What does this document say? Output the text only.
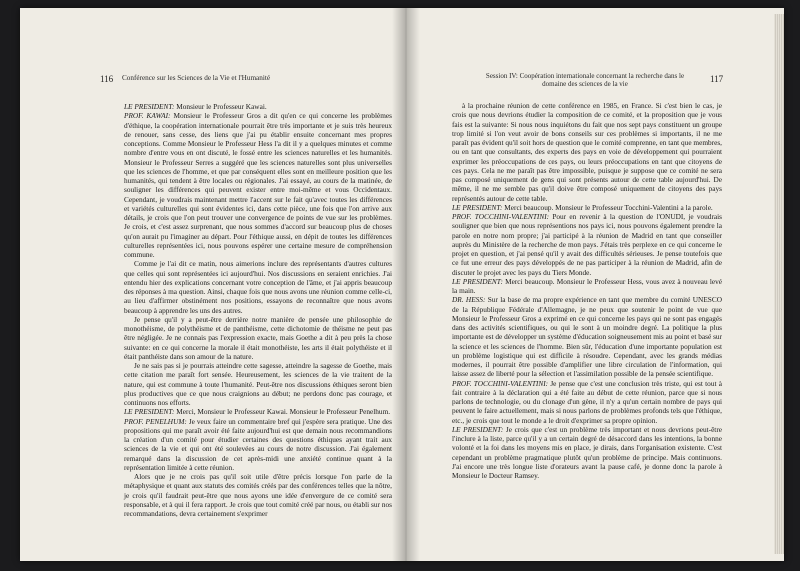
116 Conférence sur les Sciences de la Vie et l'Humanité

LE PRESIDENT: Monsieur le Professeur Kawai.

PROF. KAWAI: Monsieur le Professeur Gros a dit qu'en ce qui concerne les problèmes d'éthique, la coopération internationale pourrait être très importante et je suis très heureux de renouer, sans cesse, des liens que j'ai pu établir ensuite concernant mes propres conceptions. Comme Monsieur le Professeur Hess l'a dit il y a quelques minutes et comme nombre d'entre vous en ont discuté, le fossé entre les sciences naturelles et les humanités. Monsieur le Professeur Serres a suggéré que les sciences naturelles sont plus universelles que les sciences de l'homme, et que par conséquent elles sont en meilleure position que les humanités, qui tendent à être locales ou régionales. J'ai essayé, au cours de la matinée, de souligner les différences qui peuvent exister entre moi-même et vous Occidentaux. Cependant, je voudrais maintenant mettre l'accent sur le fait qu'avec toutes les différences et variétés culturelles qui sont évidentes ici, dans cette pièce, une fois que l'on arrive aux détails, je crois que l'on peut trouver une convergence de points de vue sur les problèmes. Je crois, et c'est assez surprenant, que nous sommes d'accord sur beaucoup plus de choses qu'on aurait pu l'imaginer au départ. Pour l'éthique aussi, en dépit de toutes les différences culturelles représentées ici, nous pouvons espérer une certaine mesure de compréhension commune.

Comme je l'ai dit ce matin, nous aimerions inclure des représentants d'autres cultures que celles qui sont représentées ici aujourd'hui. Nos discussions en seraient enrichies. J'ai entendu hier des explications concernant votre conception de l'âme, et j'ai appris beaucoup des réponses à ma question. Ainsi, chaque fois que nous avons une réunion comme celle-ci, au lieu d'affirmer obstinément nos positions, essayons de reconnaître que nous avons beaucoup à apprendre les uns des autres.

Je pense qu'il y a peut-être derrière notre manière de pensée une philosophie de monothéisme, de polythéisme et de panthéisme, cette dichotomie de théisme ne peut pas être négligée. Je ne connais pas l'expression exacte, mais Goethe a dit à peu près la chose suivante: en ce qui concerne la morale il était monothéiste, les arts il était polythéiste et il était panthéiste dans son amour de la nature.

Je ne sais pas si je pourrais atteindre cette sagesse, atteindre la sagesse de Goethe, mais cette citation me paraît fort sensée. Heureusement, les sciences de la vie traitent de la nature, qui est commune à toute l'humanité. Peut-être nos discussions éthiques seront bien plus productives que ce que nous craignions au début; ne perdons donc pas courage, et continuons nos efforts.

LE PRESIDENT: Merci, Monsieur le Professeur Kawai. Monsieur le Professeur Penelhum.

PROF. PENELHUM: Je veux faire un commentaire bref qui j'espère sera pratique. Une des propositions qui me paraît avoir été faite aujourd'hui est que demain nous recommandions la création d'un comité pour étudier certaines des questions éthiques ayant trait aux sciences de la vie et qui ont été soulevées au cours de notre discussion. J'ai également remarqué dans la discussion de cet après-midi une anxiété continue quant à la représentation limitée à cette réunion.

Alors que je ne crois pas qu'il soit utile d'être précis lorsque l'on parle de la métaphysique et quant aux statuts des comités créés par des conférences telles que la nôtre, je crois qu'il faudrait peut-être que nous ayons une idée d'envergure de ce comité sera responsable, et à qui il fera rapport. Je crois que tout comité créé par nous, ou établi sur nos recommandations, devra certainement s'exprimer

Session IV: Coopération internationale concernant la recherche dans le domaine des sciences de la vie	117

à la prochaine réunion de cette conférence en 1985, en France. Si c'est bien le cas, je crois que nous devrions étudier la composition de ce comité, et la proposition que je vous fais est la suivante: Si nous nous inquiétons du fait que nos sept pays constituent un groupe trop limité si l'on veut avoir de bons conseils sur ces problèmes si importants, il ne me paraît pas évident qu'il soit hors de question que le comité comprenne, en tant que membres, ou en tant que consultants, des experts des pays en voie de développement qui pourraient exprimer les préoccupations de ces pays, ou leurs préoccupations en tant que citoyens de ces pays. Cela ne me paraît pas être impossible, puisque je suppose que ce comité ne sera pas composé uniquement de gens qui sont présents autour de cette table aujourd'hui. De même, il ne me semble pas qu'il doive être composé uniquement de citoyens des pays représentés autour de cette table.

LE PRESIDENT: Merci beaucoup. Monsieur le Professeur Tocchini-Valentini a la parole.

PROF. TOCCHINI-VALENTINI: Pour en revenir à la question de l'ONUDI, je voudrais souligner que bien que nous représentions nos pays ici, nous pouvons également prendre la parole en notre nom propre; j'ai participé à la réunion de Madrid en tant que conseiller auprès du Ministère de la recherche de mon pays. J'étais très perplexe en ce qui concerne le projet en question, et j'ai pensé qu'il y avait des difficultés sérieuses. Je pense toutefois que ce fut une erreur des pays développés de ne pas participer à la réunion de Madrid, afin de discuter le projet avec les pays du Tiers Monde.

LE PRESIDENT: Merci beaucoup. Monsieur le Professeur Hess, vous avez à nouveau levé la main.

DR. HESS: Sur la base de ma propre expérience en tant que membre du comité UNESCO de la République Fédérale d'Allemagne, je ne peux que soutenir le point de vue que Monsieur le Professeur Gros a exprimé en ce qui concerne les pays qui ne sont pas engagés dans des activités scientifiques, ou qui le sont à un moindre degré. La politique la plus importante est de développer un système d'éducation soigneusement mis au point et basé sur la science et les sciences de l'homme. Bien sûr, l'éducation d'une importante population est un problème logistique qui est difficile à résoudre. Cependant, avec les grands médias modernes, il pourrait être possible d'amplifier une libre circulation de l'information, qui laisse assez de liberté pour la sélection et l'assimilation possible de la pensée scientifique.

PROF. TOCCHINI-VALENTINI: Je pense que c'est une conclusion très triste, qui est tout à fait contraire à la déclaration qui a été faite au début de cette réunion, parce que si nous parlons de technologie, ou du clonage d'un gène, il n'y a qu'un certain nombre de pays qui peuvent le faire actuellement, mais si nous parlons de problèmes profonds tels que l'éthique, etc., je crois que tout le monde a le droit d'exprimer sa propre opinion.

LE PRESIDENT: Je crois que c'est un problème très important et nous devrions peut-être l'inclure à la liste, parce qu'il y a un certain degré de désaccord dans les intentions, la bonne volonté et la foi dans les moyens mis en place, je dirais, dans l'organisation existente. C'est cependant un problème pragmatique plutôt qu'un problème de principe. Mais continuons. J'ai encore une très longue liste d'orateurs avant la pause café, je donne donc la parole à Monsieur le Docteur Ramsey.
